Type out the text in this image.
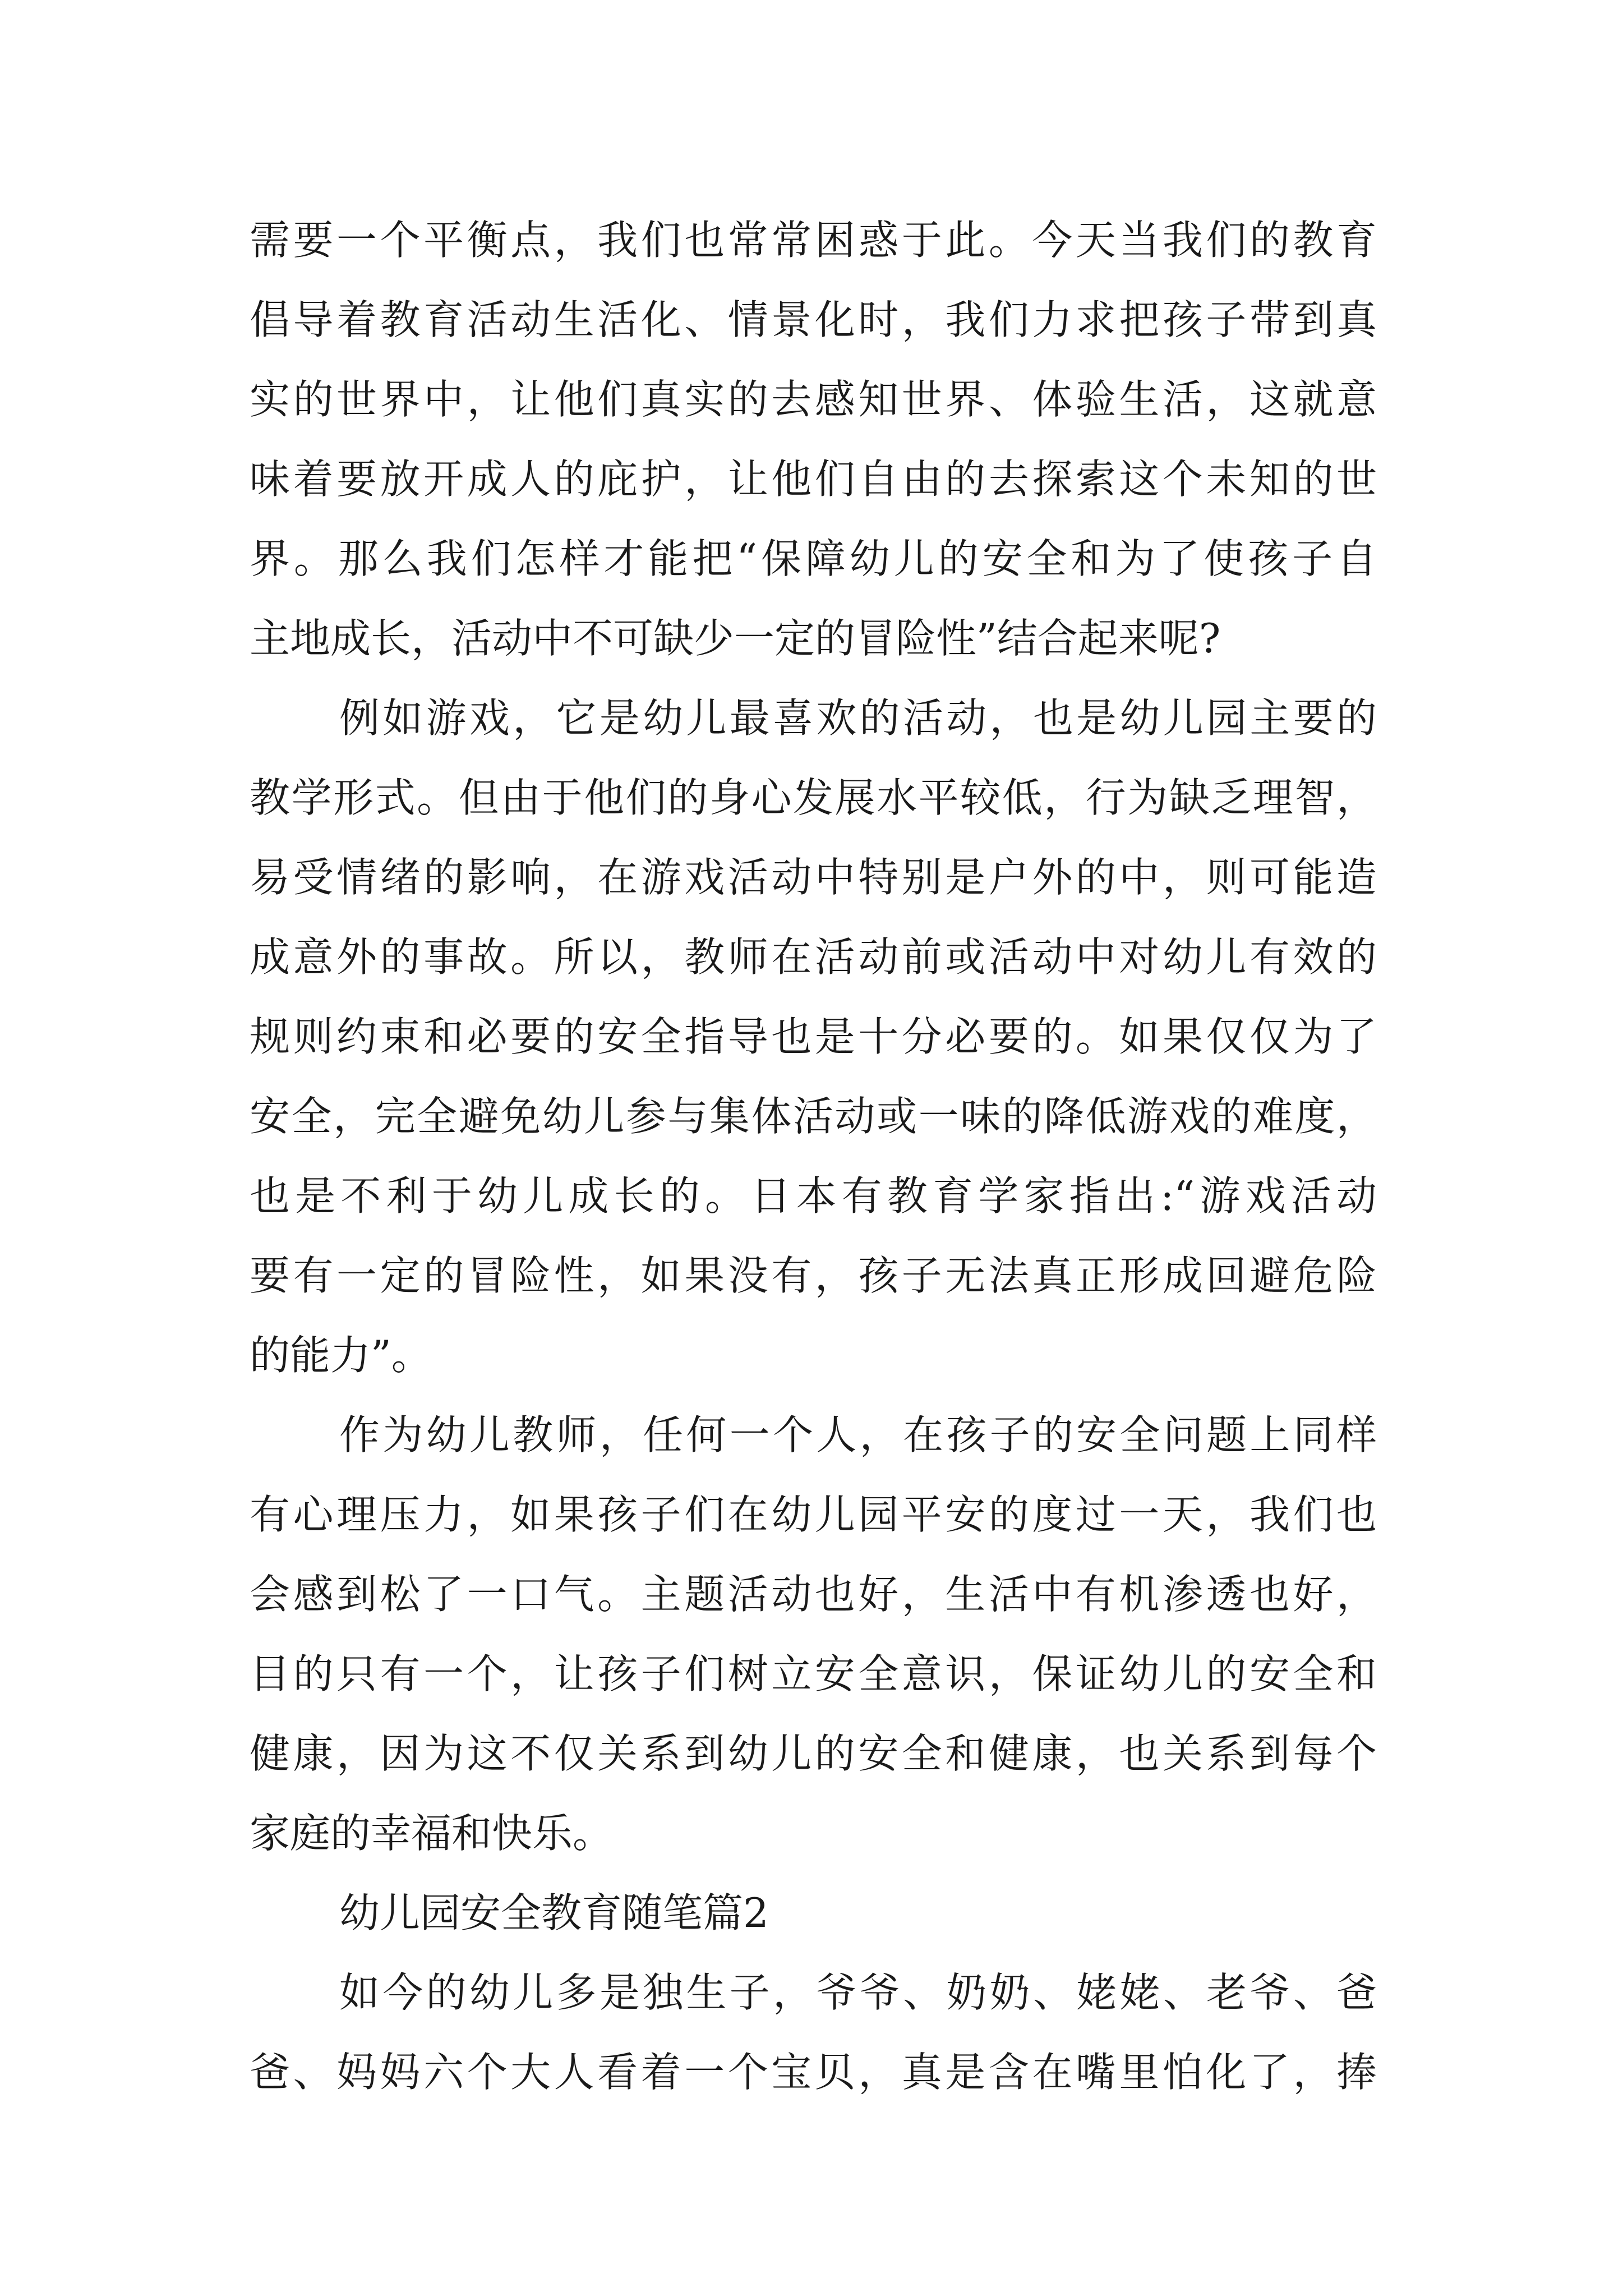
需要一个平衡点，我们也常常困惑于此。今天当我们的教育
倡导着教育活动生活化、情景化时，我们力求把孩子带到真
实的世界中，让他们真实的去感知世界、体验生活，这就意
味着要放开成人的庇护，让他们自由的去探索这个未知的世
界。那么我们怎样才能把“保障幼儿的安全和为了使孩子自
主地成长，活动中不可缺少一定的冒险性”结合起来呢?
例如游戏，它是幼儿最喜欢的活动，也是幼儿园主要的
教学形式。但由于他们的身心发展水平较低，行为缺乏理智，
易受情绪的影响，在游戏活动中特别是户外的中，则可能造
成意外的事故。所以，教师在活动前或活动中对幼儿有效的
规则约束和必要的安全指导也是十分必要的。如果仅仅为了
安全，完全避免幼儿参与集体活动或一味的降低游戏的难度，
也是不利于幼儿成长的。日本有教育学家指出:“游戏活动
要有一定的冒险性，如果没有，孩子无法真正形成回避危险
的能力”。
作为幼儿教师，任何一个人，在孩子的安全问题上同样
有心理压力，如果孩子们在幼儿园平安的度过一天，我们也
会感到松了一口气。主题活动也好，生活中有机渗透也好，
目的只有一个，让孩子们树立安全意识，保证幼儿的安全和
健康，因为这不仅关系到幼儿的安全和健康，也关系到每个
家庭的幸福和快乐。
幼儿园安全教育随笔篇2
如今的幼儿多是独生子，爷爷、奶奶、姥姥、老爷、爸
爸、妈妈六个大人看着一个宝贝，真是含在嘴里怕化了，捧
